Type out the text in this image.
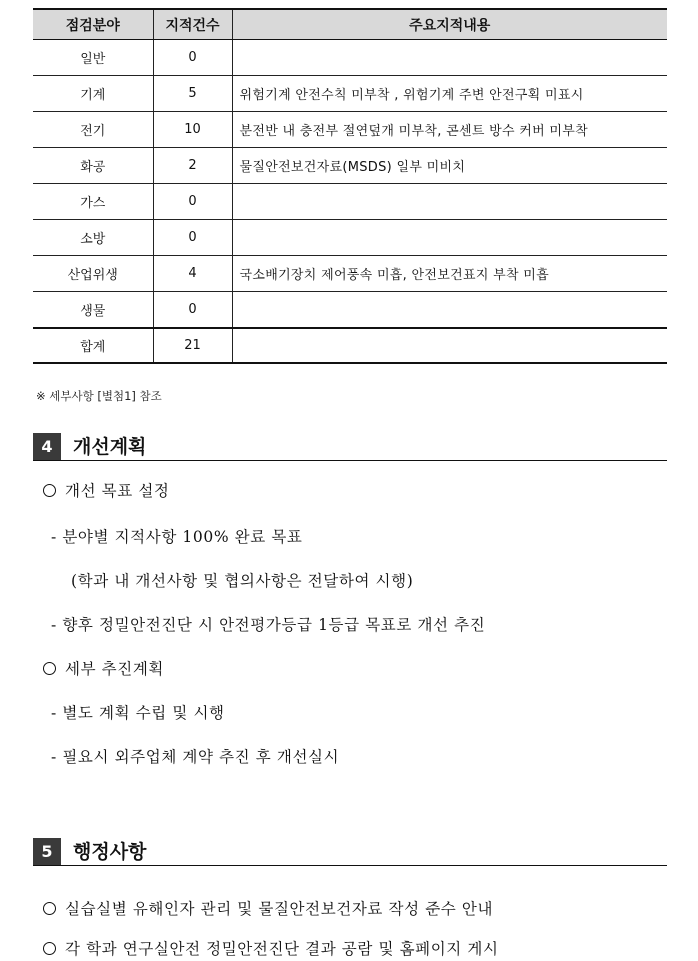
점검분야	지적건수	주요지적내용
일반	0	
기계	5	위험기계 안전수칙 미부착 , 위험기계 주변 안전구획 미표시
전기	10	분전반 내 충전부 절연덮개 미부착, 콘센트 방수 커버 미부착
화공	2	물질안전보건자료(MSDS) 일부 미비치
가스	0	
소방	0	
산업위생	4	국소배기장치 제어풍속 미흡, 안전보건표지 부착 미흡
생물	0	
합계	21	
※ 세부사항 [별첨1] 참조
4	개선계획
개선 목표 설정
- 분야별 지적사항 100% 완료 목표
(학과 내 개선사항 및 협의사항은 전달하여 시행)
- 향후 정밀안전진단 시 안전평가등급 1등급 목표로 개선 추진
세부 추진계획
- 별도 계획 수립 및 시행
- 필요시 외주업체 계약 추진 후 개선실시
5	행정사항
실습실별 유해인자 관리 및 물질안전보건자료 작성 준수 안내
각 학과 연구실안전 정밀안전진단 결과 공람 및 홈페이지 게시
